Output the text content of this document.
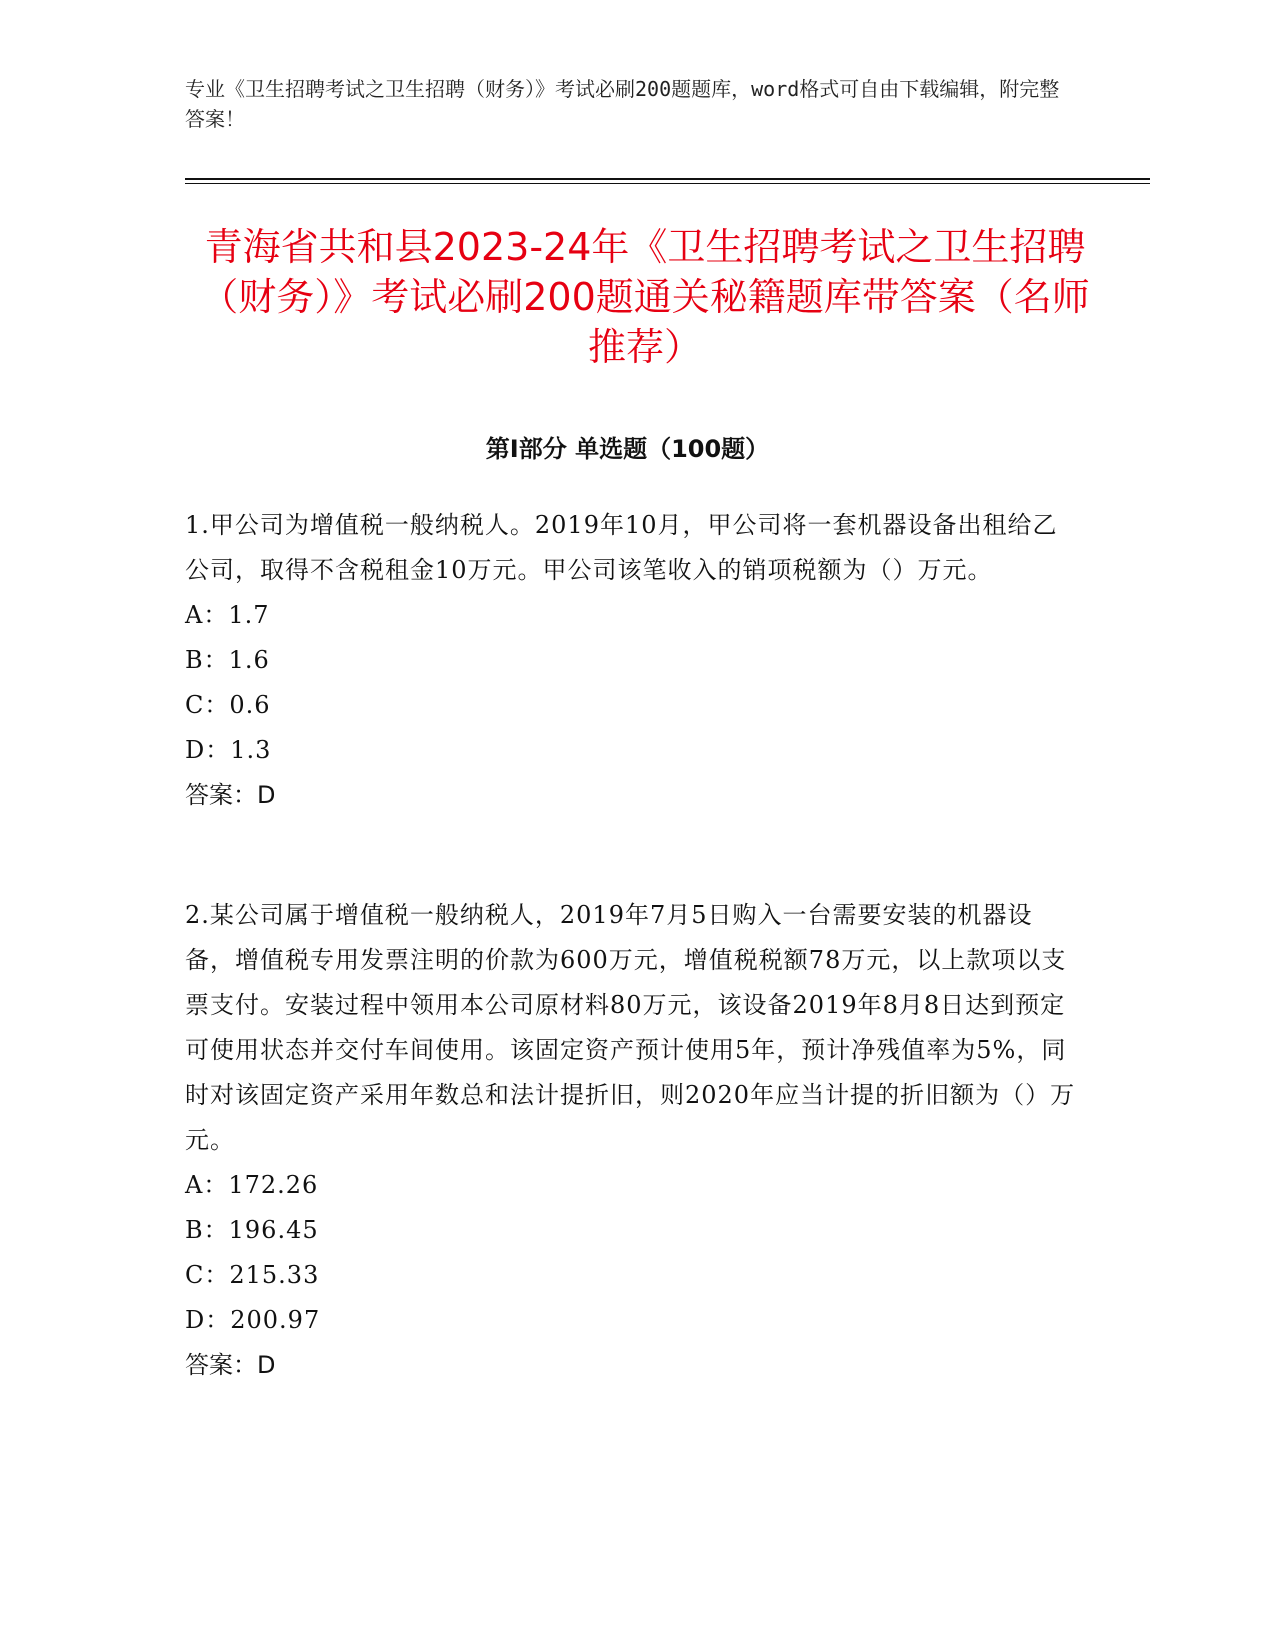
专业《卫生招聘考试之卫生招聘（财务）》考试必刷200题题库，word格式可自由下载编辑，附完整答案！
青海省共和县2023-24年《卫生招聘考试之卫生招聘（财务）》考试必刷200题通关秘籍题库带答案（名师推荐）
第Ⅰ部分 单选题（100题）

1.甲公司为增值税一般纳税人。2019年10月，甲公司将一套机器设备出租给乙公司，取得不含税租金10万元。甲公司该笔收入的销项税额为（）万元。

A：1.7
B：1.6
C：0.6
D：1.3
答案：D

2.某公司属于增值税一般纳税人，2019年7月5日购入一台需要安装的机器设备，增值税专用发票注明的价款为600万元，增值税税额78万元，以上款项以支票支付。安装过程中领用本公司原材料80万元，该设备2019年8月8日达到预定可使用状态并交付车间使用。该固定资产预计使用5年，预计净残值率为5%，同时对该固定资产采用年数总和法计提折旧，则2020年应当计提的折旧额为（）万元。

A：172.26
B：196.45
C：215.33
D：200.97
答案：D
